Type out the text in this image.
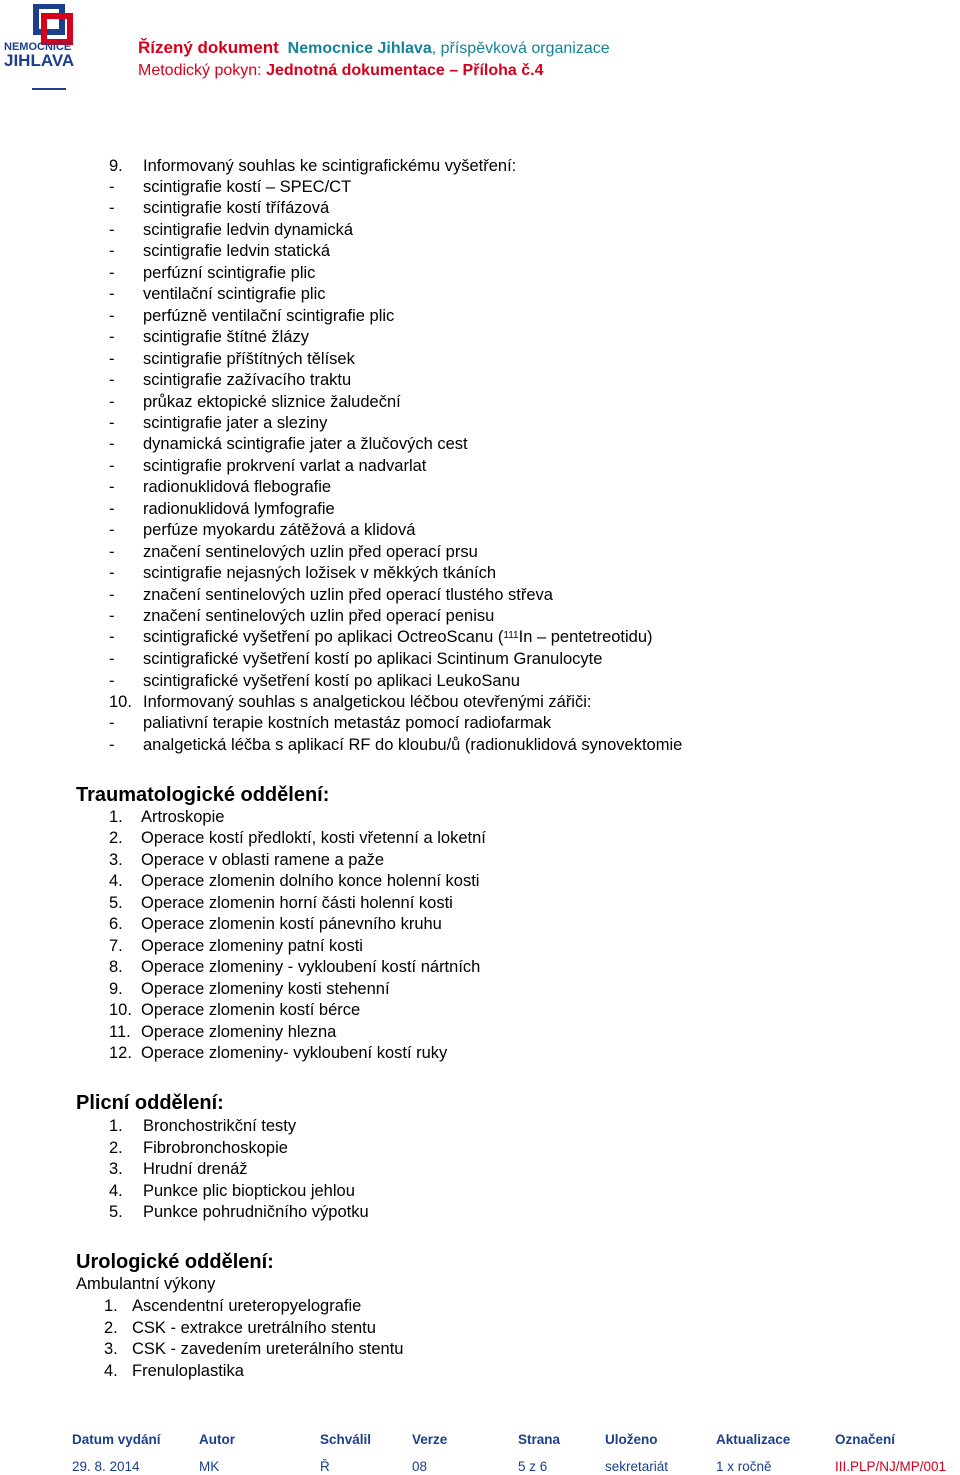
NEMOCNICE
JIHLAVA
Řízený dokument Nemocnice Jihlava, příspěvková organizace
Metodický pokyn: Jednotná dokumentace – Příloha č.4
9. Informovaný souhlas ke scintigrafickému vyšetření:
- scintigrafie kostí – SPEC/CT
- scintigrafie kostí třífázová
- scintigrafie ledvin dynamická
- scintigrafie ledvin statická
- perfúzní scintigrafie plic
- ventilační scintigrafie plic
- perfúzně ventilační scintigrafie plic
- scintigrafie štítné žlázy
- scintigrafie příštítných tělísek
- scintigrafie zažívacího traktu
- průkaz ektopické sliznice žaludeční
- scintigrafie jater a sleziny
- dynamická scintigrafie jater a žlučových cest
- scintigrafie prokrvení varlat a nadvarlat
- radionuklidová flebografie
- radionuklidová lymfografie
- perfúze myokardu zátěžová a klidová
- značení sentinelových uzlin před operací prsu
- scintigrafie nejasných ložisek v měkkých tkáních
- značení sentinelových uzlin před operací tlustého střeva
- značení sentinelových uzlin před operací penisu
- scintigrafické vyšetření po aplikaci OctreoScanu ($^{111}$In – pentetreotidu)
- scintigrafické vyšetření kostí po aplikaci Scintinum Granulocyte
- scintigrafické vyšetření kostí po aplikaci LeukoSanu
10. Informovaný souhlas s analgetickou léčbou otevřenými zářiči:
- paliativní terapie kostních metastáz pomocí radiofarmak
- analgetická léčba s aplikací RF do kloubu/ů (radionuklidová synovektomie
Traumatologické oddělení:
1. Artroskopie
2. Operace kostí předloktí, kosti vřetenní a loketní
3. Operace v oblasti ramene a paže
4. Operace zlomenin dolního konce holenní kosti
5. Operace zlomenin horní části holenní kosti
6. Operace zlomenin kostí pánevního kruhu
7. Operace zlomeniny patní kosti
8. Operace zlomeniny - vykloubení kostí nártních
9. Operace zlomeniny kosti stehenní
10. Operace zlomenin kostí bérce
11. Operace zlomeniny hlezna
12. Operace zlomeniny- vykloubení kostí ruky
Plicní oddělení:
1. Bronchostrikční testy
2. Fibrobronchoskopie
3. Hrudní drenáž
4. Punkce plic bioptickou jehlou
5. Punkce pohrudničního výpotku
Urologické oddělení:
Ambulantní výkony
1. Ascendentní ureteropyelografie
2. CSK - extrakce uretrálního stentu
3. CSK - zavedením ureterálního stentu
4. Frenuloplastika
Datum vydání
29. 8. 2014
Autor
MK
Schválil
Ř
Verze
08
Strana
5 z 6
Uloženo
sekretariát
Aktualizace
1 x ročně
Označení
III.PLP/NJ/MP/001
